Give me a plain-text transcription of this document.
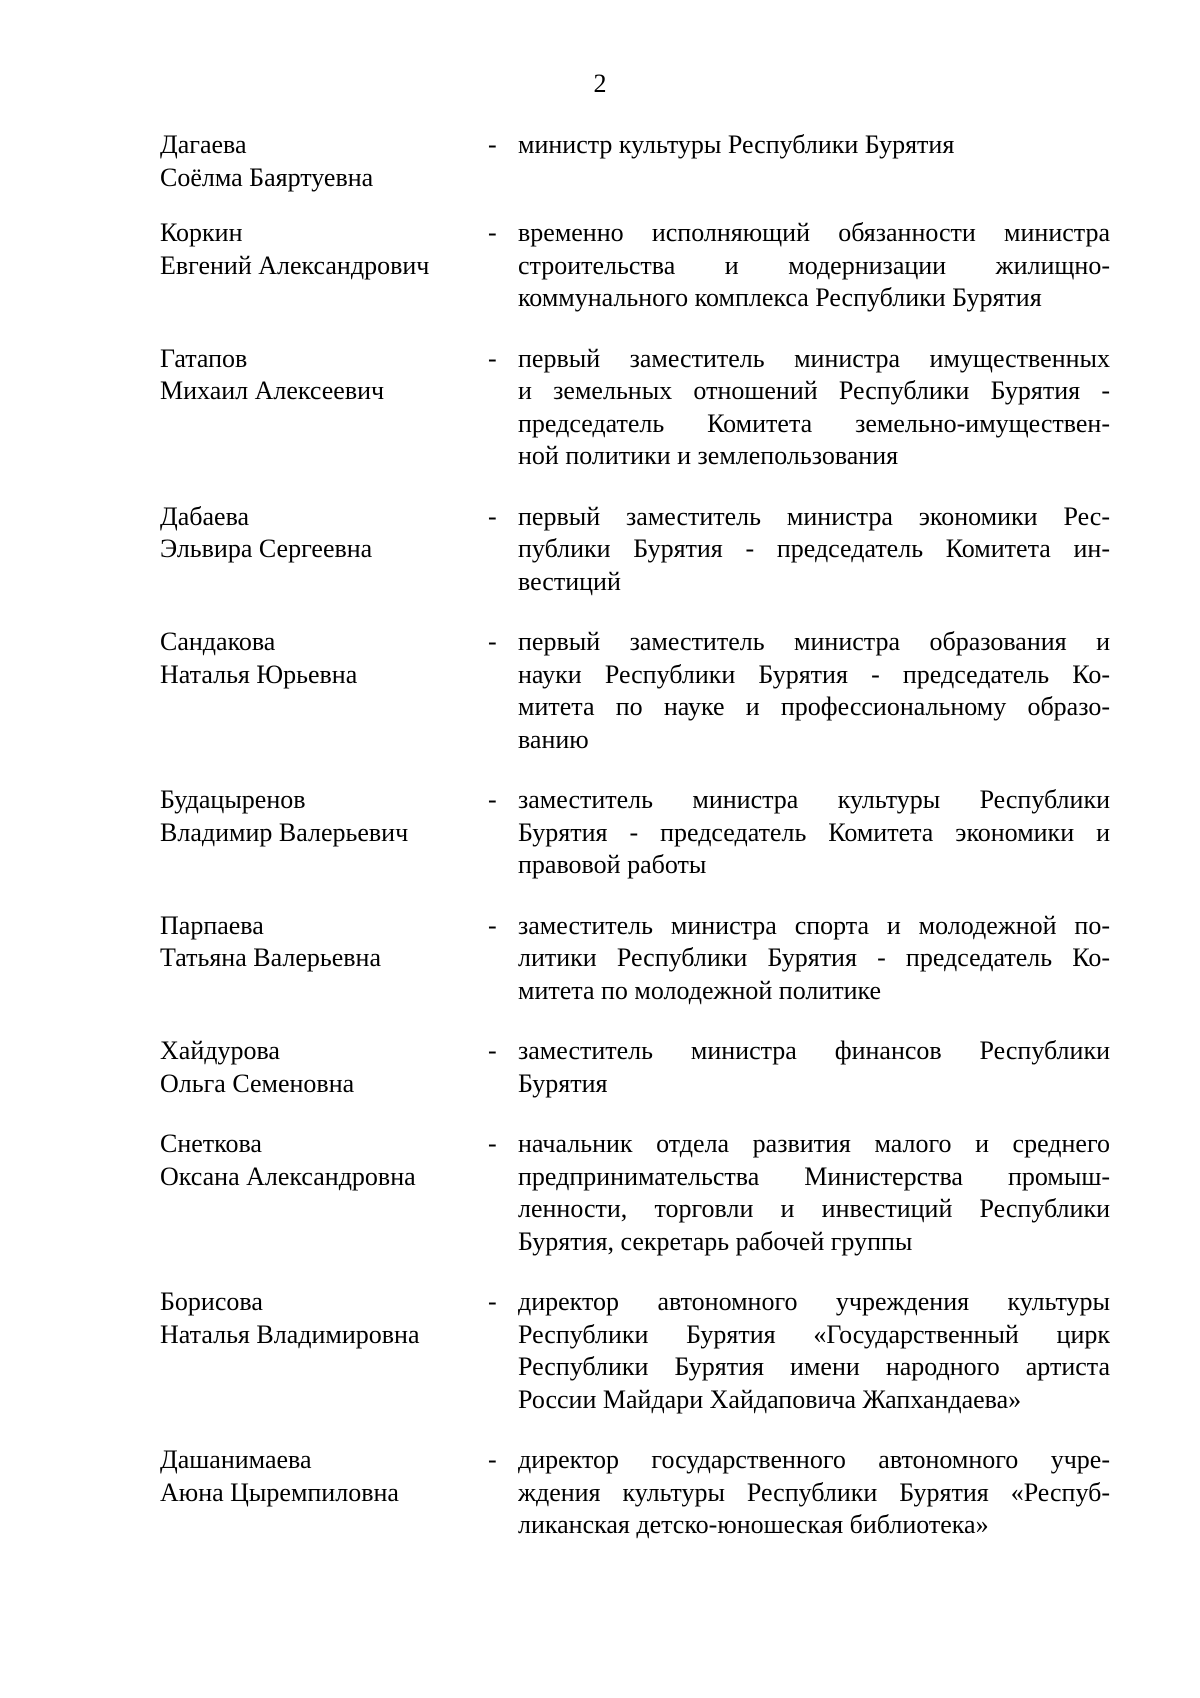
2
Дагаева
Соёлма Баяртуевна
- министр культуры Республики Бурятия
Коркин
Евгений Александрович
- временно исполняющий обязанности министра
строительства и модернизации жилищно-
коммунального комплекса Республики Бурятия
Гатапов
Михаил Алексеевич
- первый заместитель министра имущественных
и земельных отношений Республики Бурятия -
председатель Комитета земельно-имуществен-
ной политики и землепользования
Дабаева
Эльвира Сергеевна
- первый заместитель министра экономики Рес-
публики Бурятия - председатель Комитета ин-
вестиций
Сандакова
Наталья Юрьевна
- первый заместитель министра образования и
науки Республики Бурятия - председатель Ко-
митета по науке и профессиональному образо-
ванию
Будацыренов
Владимир Валерьевич
- заместитель министра культуры Республики
Бурятия - председатель Комитета экономики и
правовой работы
Парпаева
Татьяна Валерьевна
- заместитель министра спорта и молодежной по-
литики Республики Бурятия - председатель Ко-
митета по молодежной политике
Хайдурова
Ольга Семеновна
- заместитель министра финансов Республики
Бурятия
Снеткова
Оксана Александровна
- начальник отдела развития малого и среднего
предпринимательства Министерства промыш-
ленности, торговли и инвестиций Республики
Бурятия, секретарь рабочей группы
Борисова
Наталья Владимировна
- директор автономного учреждения культуры
Республики Бурятия «Государственный цирк
Республики Бурятия имени народного артиста
России Майдари Хайдаповича Жапхандаева»
Дашанимаева
Аюна Цыремпиловна
- директор государственного автономного учре-
ждения культуры Республики Бурятия «Респуб-
ликанская детско-юношеская библиотека»
